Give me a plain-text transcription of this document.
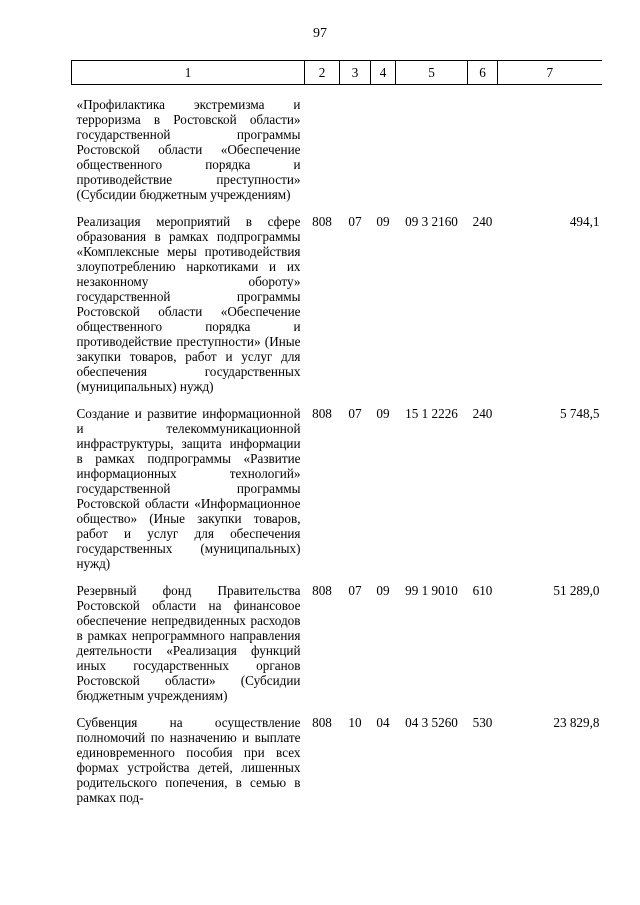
97
1	2	3	4	5	6	7

«Профилактика экстремизма и терроризма в Ростовской области» государственной программы Ростовской области «Обеспечение общественного порядка и противодействие преступности» (Субсидии бюджетным учреждениям)						

Реализация мероприятий в сфере образования в рамках подпрограммы «Комплексные меры противодействия злоупотреблению наркотиками и их незаконному обороту» государственной программы Ростовской области «Обеспечение общественного порядка и противодействие преступности» (Иные закупки товаров, работ и услуг для обеспечения государственных (муниципальных) нужд)	808	07	09	09 3 2160	240	494,1

Создание и развитие информационной и телекоммуникационной инфраструктуры, защита информации в рамках подпрограммы «Развитие информационных технологий» государственной программы Ростовской области «Информационное общество» (Иные закупки товаров, работ и услуг для обеспечения государственных (муниципальных) нужд)	808	07	09	15 1 2226	240	5 748,5

Резервный фонд Правительства Ростовской области на финансовое обеспечение непредвиденных расходов в рамках непрограммного направления деятельности «Реализация функций иных государственных органов Ростовской области» (Субсидии бюджетным учреждениям)	808	07	09	99 1 9010	610	51 289,0

Субвенция на осуществление полномочий по назначению и выплате единовременного пособия при всех формах устройства детей, лишенных родительского попечения, в семью в рамках под-	808	10	04	04 3 5260	530	23 829,8
